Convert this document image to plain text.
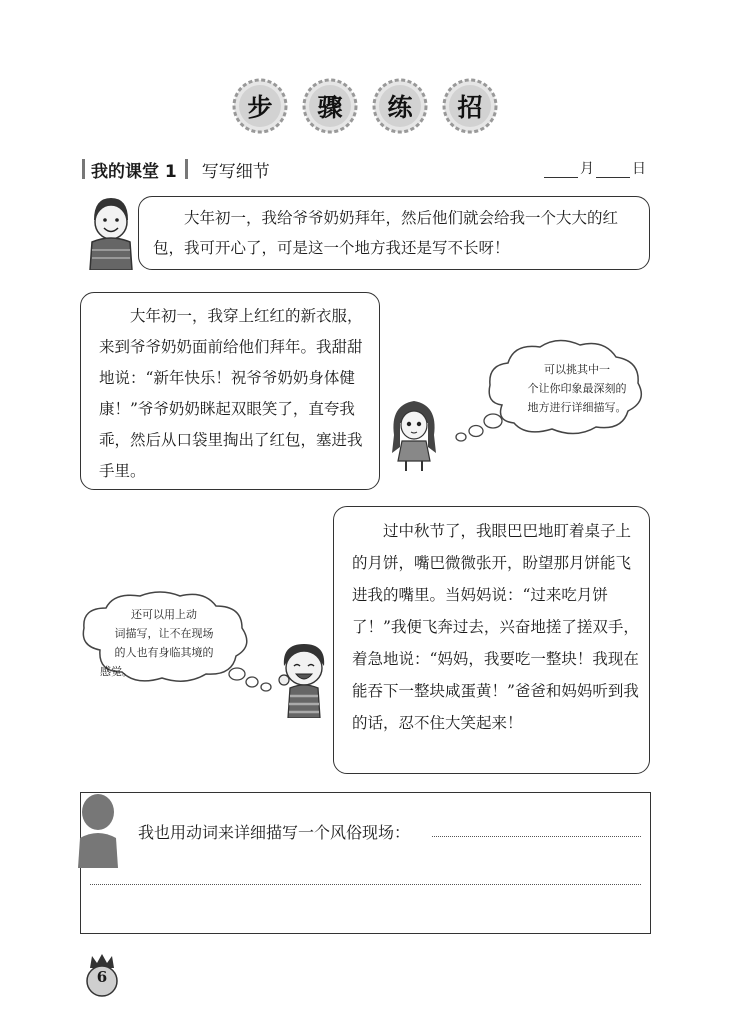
步	骤	练	招
我的课堂 1 写写细节	月	日
大年初一，我给爷爷奶奶拜年，然后他们就会给我一个大大的红包，我可开心了，可是这一个地方我还是写不长呀！
大年初一，我穿上红红的新衣服，来到爷爷奶奶面前给他们拜年。我甜甜地说：“新年快乐！祝爷爷奶奶身体健康！”爷爷奶奶眯起双眼笑了，直夸我乖，然后从口袋里掏出了红包，塞进我手里。
可以挑其中一
个让你印象最深刻的
地方进行详细描写。
过中秋节了，我眼巴巴地盯着桌子上的月饼，嘴巴微微张开，盼望那月饼能飞进我的嘴里。当妈妈说：“过来吃月饼了！”我便飞奔过去，兴奋地搓了搓双手，着急地说：“妈妈，我要吃一整块！我现在能吞下一整块咸蛋黄！”爸爸和妈妈听到我的话，忍不住大笑起来！
还可以用上动
词描写，让不在现场
的人也有身临其境的
感觉。
我也用动词来详细描写一个风俗现场：
6
